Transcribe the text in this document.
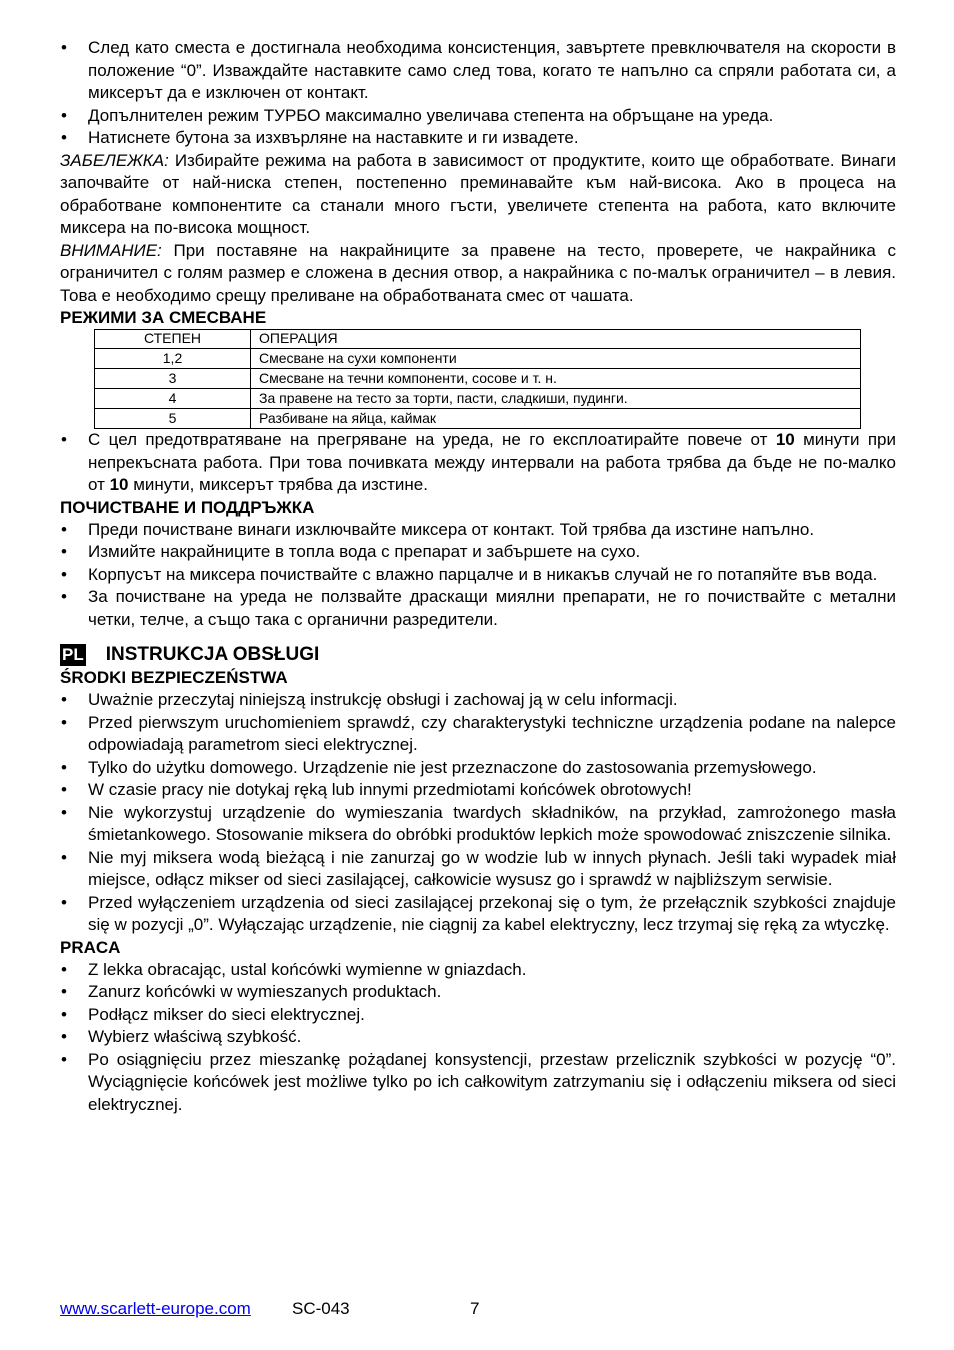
• След като сместа е достигнала необходима консистенция, завъртете превключвателя на скорости в положение “0”. Изваждайте наставките само след това, когато те напълно са спряли работата си, а миксерът да е изключен от контакт.
• Допълнителен режим ТУРБО максимално увеличава степента на обръщане на уреда.
• Натиснете бутона за изхвърляне на наставките и ги извадете.

ЗАБЕЛЕЖКА: Избирайте режима на работа в зависимост от продуктите, които ще обработвате. Винаги започвайте от най-ниска степен, постепенно преминавайте към най-висока. Ако в процеса на обработване компонентите са станали много гъсти, увеличете степента на работа, като включите миксера на по-висока мощност.

ВНИМАНИЕ: При поставяне на накрайниците за правене на тесто, проверете, че накрайника с ограничител с голям размер е сложена в десния отвор, а накрайника с по-малък ограничител – в левия. Това е необходимо срещу преливане на обработваната смес от чашата.

РЕЖИМИ ЗА СМЕСВАНЕ
СТЕПЕН	ОПЕРАЦИЯ
1,2	Смесване на сухи компоненти
3	Смесване на течни компоненти, сосове и т. н.
4	За правене на тесто за торти, пасти, сладкиши, пудинги.
5	Разбиване на яйца, каймак
• С цел предотвратяване на прегряване на уреда, не го експлоатирайте повече от 10 минути при непрекъсната работа. При това почивката между интервали на работа трябва да бъде не по-малко от 10 минути, миксерът трябва да изстине.
ПОЧИСТВАНЕ И ПОДДРЪЖКА
• Преди почистване винаги изключвайте миксера от контакт. Той трябва да изстине напълно.
• Измийте накрайниците в топла вода с препарат и забършете на сухо.
• Корпусът на миксера почиствайте с влажно парцалче и в никакъв случай не го потапяйте във вода.
• За почистване на уреда не ползвайте драскащи миялни препарати, не го почиствайте с метални четки, телче, а също така с органични разредители.
PL INSTRUKCJA OBSŁUGI
ŚRODKI BEZPIECZEŃSTWA
• Uważnie przeczytaj niniejszą instrukcję obsługi i zachowaj ją w celu informacji.
• Przed pierwszym uruchomieniem sprawdź, czy charakterystyki techniczne urządzenia podane na nalepce odpowiadają parametrom sieci elektrycznej.
• Tylko do użytku domowego. Urządzenie nie jest przeznaczone do zastosowania przemysłowego.
• W czasie pracy nie dotykaj ręką lub innymi przedmiotami końcówek obrotowych!
• Nie wykorzystuj urządzenie do wymieszania twardych składników, na przykład, zamrożonego masła śmietankowego. Stosowanie miksera do obróbki produktów lepkich może spowodować zniszczenie silnika.
• Nie myj miksera wodą bieżącą i nie zanurzaj go w wodzie lub w innych płynach. Jeśli taki wypadek miał miejsce, odłącz mikser od sieci zasilającej, całkowicie wysusz go i sprawdź w najbliższym serwisie.
• Przed wyłączeniem urządzenia od sieci zasilającej przekonaj się o tym, że przełącznik szybkości znajduje się w pozycji „0”. Wyłączając urządzenie, nie ciągnij za kabel elektryczny, lecz trzymaj się ręką za wtyczkę.
PRACA
• Z lekka obracając, ustal końcówki wymienne w gniazdach.
• Zanurz końcówki w wymieszanych produktach.
• Podłącz mikser do sieci elektrycznej.
• Wybierz właściwą szybkość.
• Po osiągnięciu przez mieszankę pożądanej konsystencji, przestaw przelicznik szybkości w pozycję “0”. Wyciągnięcie końcówek jest możliwe tylko po ich całkowitym zatrzymaniu się i odłączeniu miksera od sieci elektrycznej.
www.scarlett-europe.com SC-043	7
